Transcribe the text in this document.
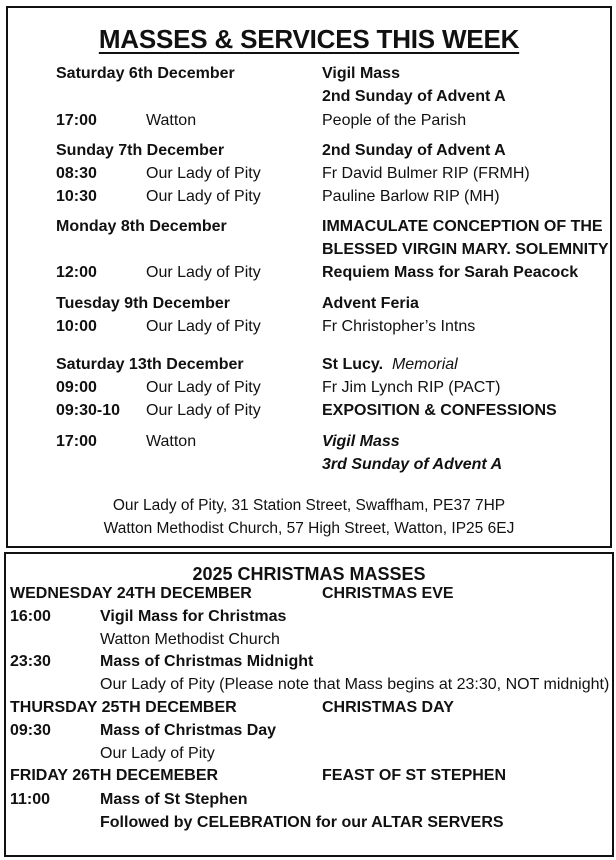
MASSES & SERVICES THIS WEEK
Saturday 6th December	Vigil Mass
2nd Sunday of Advent A
17:00	Watton	People of the Parish
Sunday 7th December	2nd Sunday of Advent A
08:30	Our Lady of Pity	Fr David Bulmer RIP (FRMH)
10:30	Our Lady of Pity	Pauline Barlow RIP (MH)
Monday 8th December	IMMACULATE CONCEPTION OF THE
BLESSED VIRGIN MARY. SOLEMNITY
12:00	Our Lady of Pity	Requiem Mass for Sarah Peacock
Tuesday 9th December	Advent Feria
10:00	Our Lady of Pity	Fr Christopher’s Intns
Saturday 13th December	St Lucy.  Memorial
09:00	Our Lady of Pity	Fr Jim Lynch RIP (PACT)
09:30-10 Our Lady of Pity	EXPOSITION & CONFESSIONS
17:00	Watton	Vigil Mass
3rd Sunday of Advent A
Our Lady of Pity, 31 Station Street, Swaffham, PE37 7HP
Watton Methodist Church, 57 High Street, Watton, IP25 6EJ
2025 CHRISTMAS MASSES
WEDNESDAY 24TH DECEMBER	CHRISTMAS EVE
16:00	Vigil Mass for Christmas
Watton Methodist Church
23:30	Mass of Christmas Midnight
Our Lady of Pity (Please note that Mass begins at 23:30, NOT midnight)
THURSDAY 25TH DECEMBER	CHRISTMAS DAY
09:30	Mass of Christmas Day
Our Lady of Pity
FRIDAY 26TH DECEMEBER	FEAST OF ST STEPHEN
11:00	Mass of St Stephen
Followed by CELEBRATION for our ALTAR SERVERS
